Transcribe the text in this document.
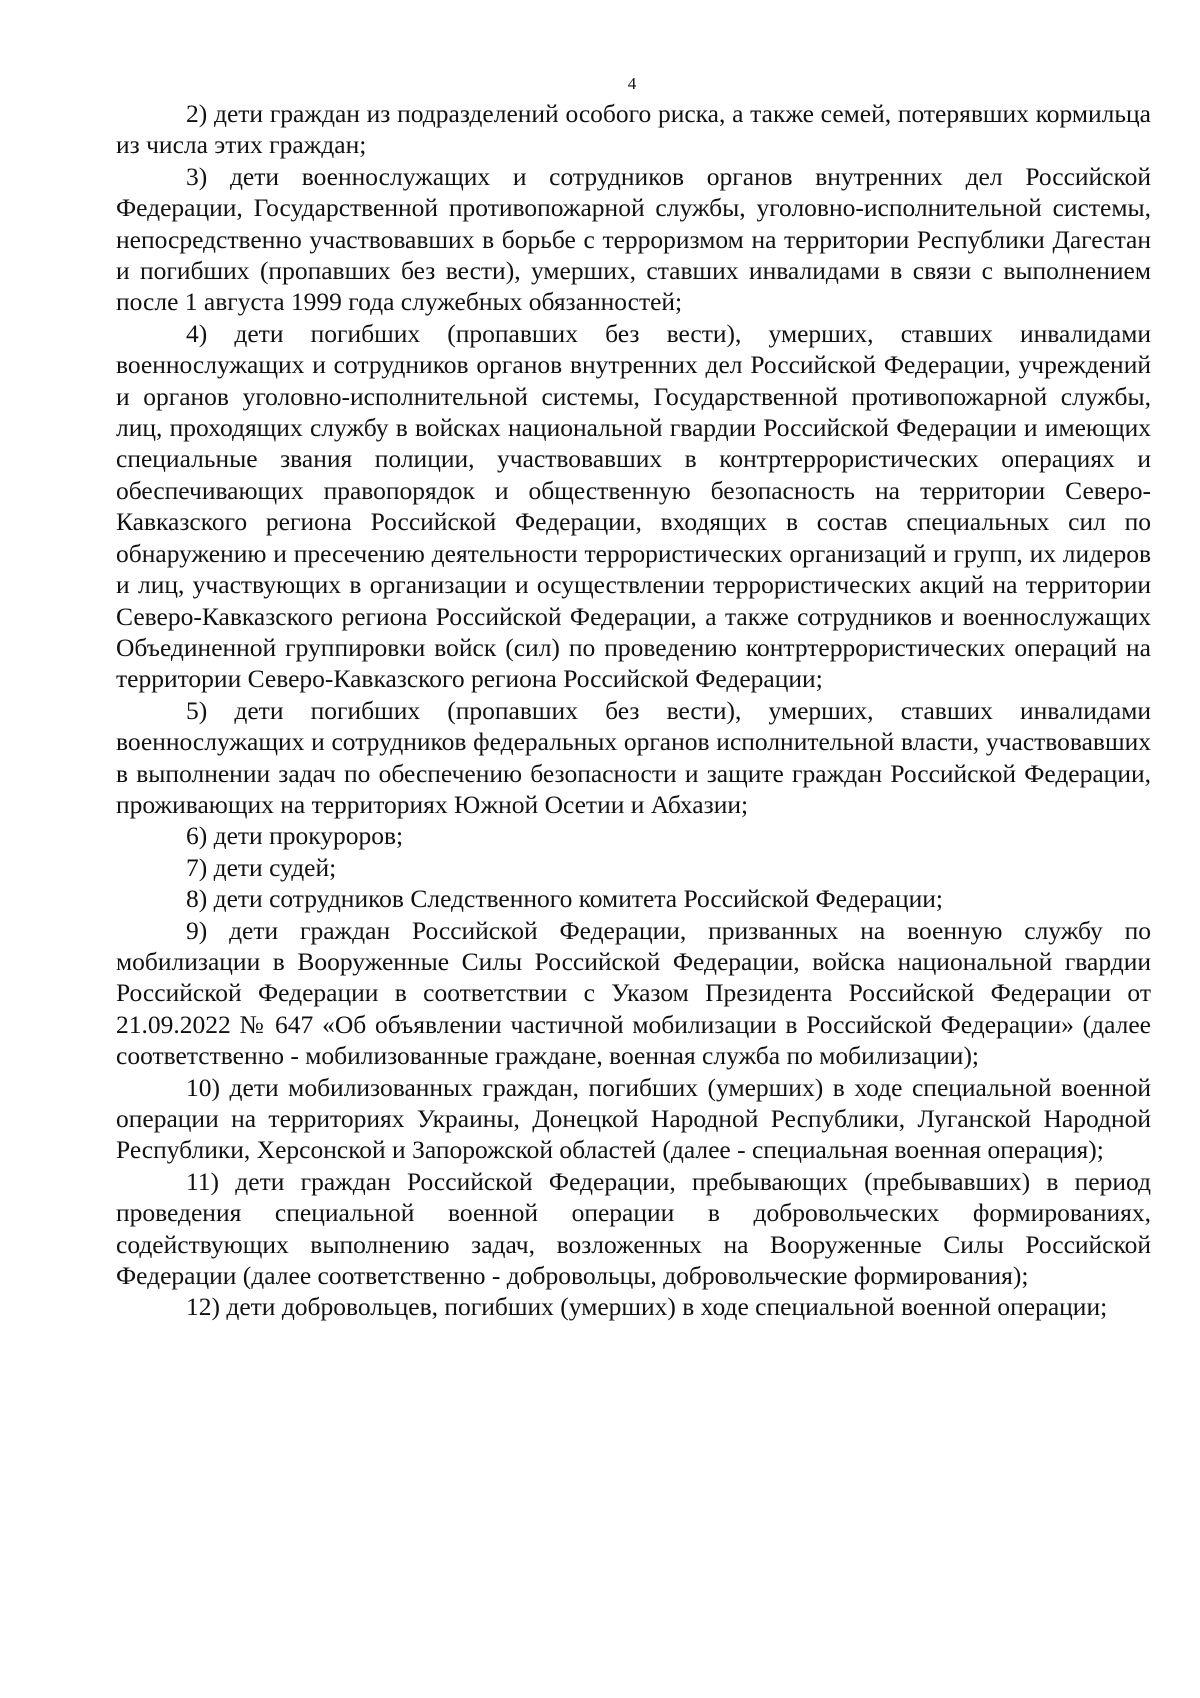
4

2) дети граждан из подразделений особого риска, а также семей, потерявших кормильца из числа этих граждан;

3) дети военнослужащих и сотрудников органов внутренних дел Российской Федерации, Государственной противопожарной службы, уголовно-исполнительной системы, непосредственно участвовавших в борьбе с терроризмом на территории Республики Дагестан и погибших (пропавших без вести), умерших, ставших инвалидами в связи с выполнением после 1 августа 1999 года служебных обязанностей;

4) дети погибших (пропавших без вести), умерших, ставших инвалидами военнослужащих и сотрудников органов внутренних дел Российской Федерации, учреждений и органов уголовно-исполнительной системы, Государственной противопожарной службы, лиц, проходящих службу в войсках национальной гвардии Российской Федерации и имеющих специальные звания полиции, участвовавших в контртеррористических операциях и обеспечивающих правопорядок и общественную безопасность на территории Северо-Кавказского региона Российской Федерации, входящих в состав специальных сил по обнаружению и пресечению деятельности террористических организаций и групп, их лидеров и лиц, участвующих в организации и осуществлении террористических акций на территории Северо-Кавказского региона Российской Федерации, а также сотрудников и военнослужащих Объединенной группировки войск (сил) по проведению контртеррористических операций на территории Северо-Кавказского региона Российской Федерации;

5) дети погибших (пропавших без вести), умерших, ставших инвалидами военнослужащих и сотрудников федеральных органов исполнительной власти, участвовавших в выполнении задач по обеспечению безопасности и защите граждан Российской Федерации, проживающих на территориях Южной Осетии и Абхазии;

6) дети прокуроров;

7) дети судей;

8) дети сотрудников Следственного комитета Российской Федерации;

9) дети граждан Российской Федерации, призванных на военную службу по мобилизации в Вооруженные Силы Российской Федерации, войска национальной гвардии Российской Федерации в соответствии с Указом Президента Российской Федерации от 21.09.2022 № 647 «Об объявлении частичной мобилизации в Российской Федерации» (далее соответственно - мобилизованные граждане, военная служба по мобилизации);

10) дети мобилизованных граждан, погибших (умерших) в ходе специальной военной операции на территориях Украины, Донецкой Народной Республики, Луганской Народной Республики, Херсонской и Запорожской областей (далее - специальная военная операция);

11) дети граждан Российской Федерации, пребывающих (пребывавших) в период проведения специальной военной операции в добровольческих формированиях, содействующих выполнению задач, возложенных на Вооруженные Силы Российской Федерации (далее соответственно - добровольцы, добровольческие формирования);

12) дети добровольцев, погибших (умерших) в ходе специальной военной операции;
